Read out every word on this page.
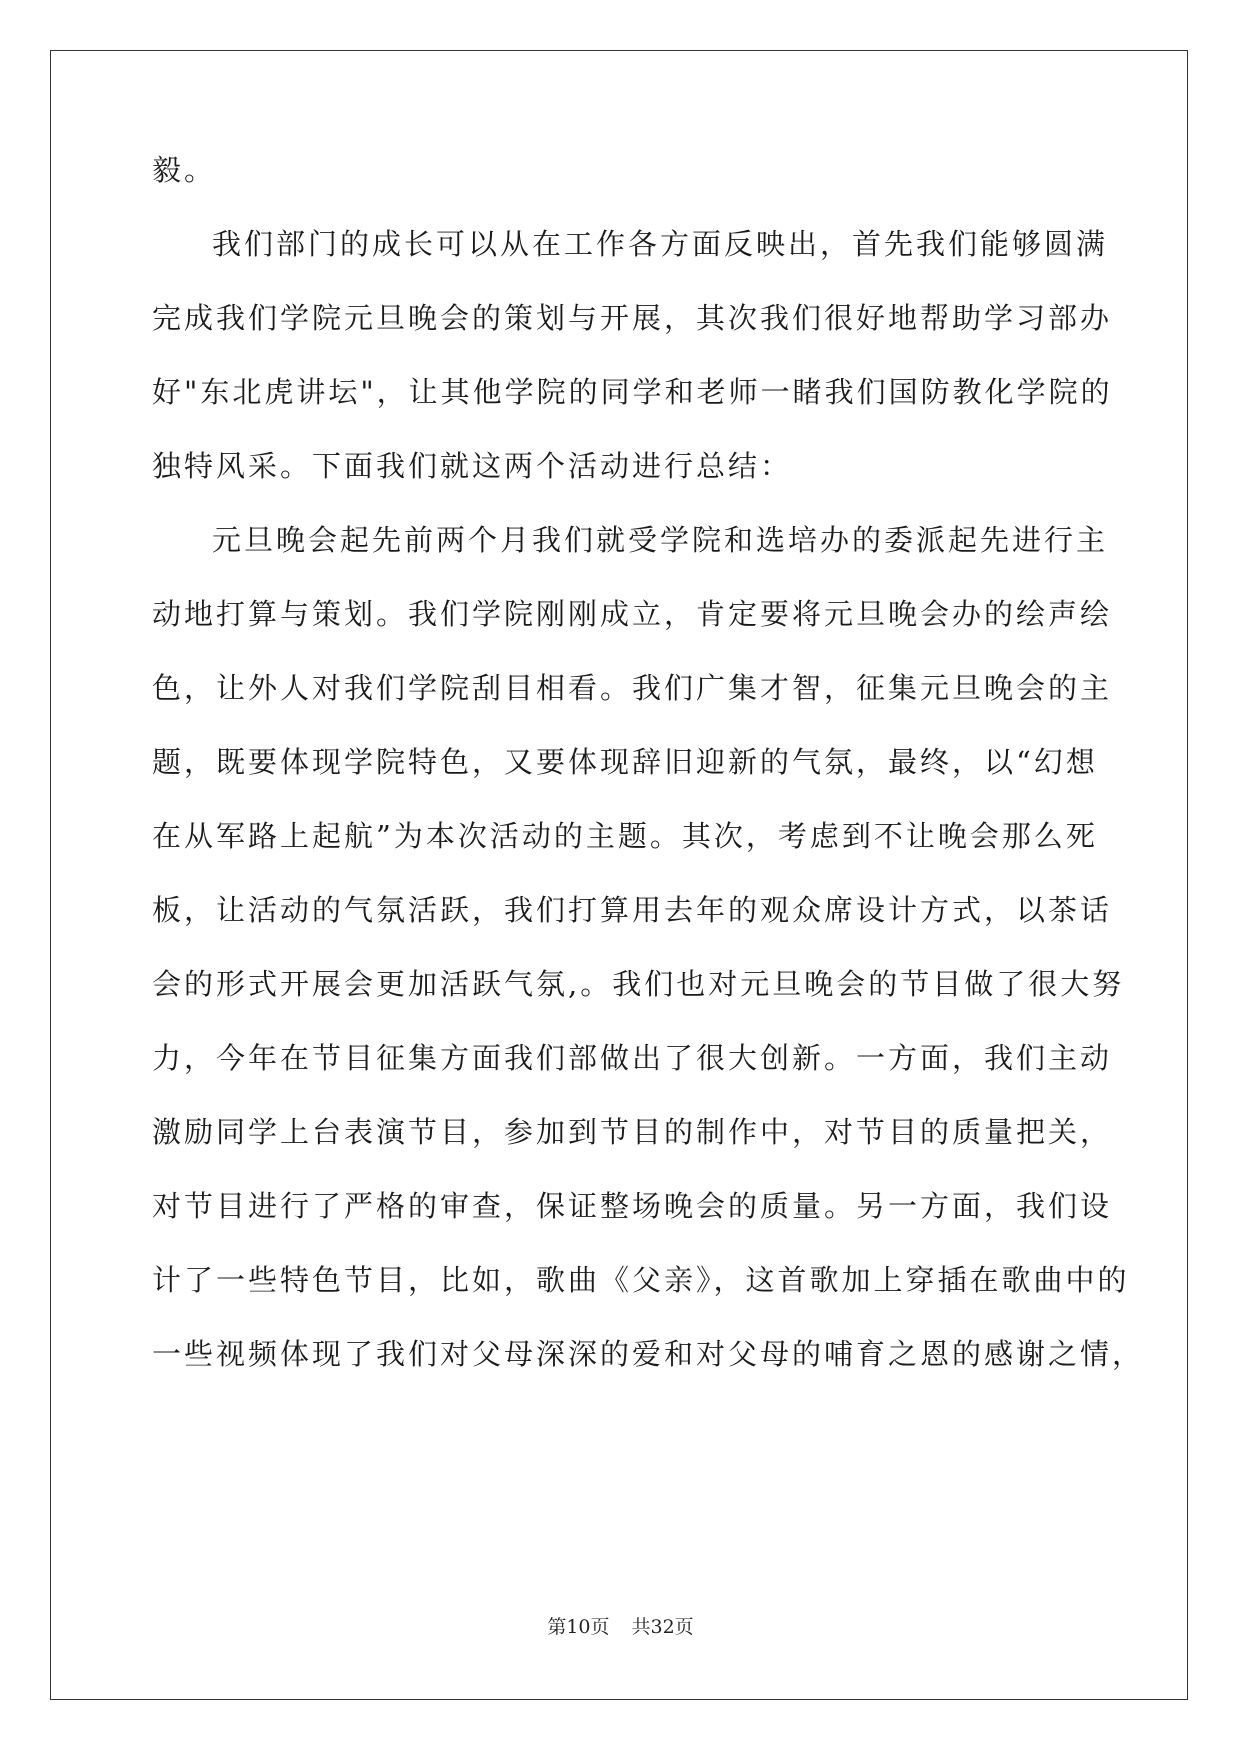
毅。
我们部门的成长可以从在工作各方面反映出，首先我们能够圆满
完成我们学院元旦晚会的策划与开展，其次我们很好地帮助学习部办
好"东北虎讲坛"，让其他学院的同学和老师一睹我们国防教化学院的
独特风采。下面我们就这两个活动进行总结：
元旦晚会起先前两个月我们就受学院和选培办的委派起先进行主
动地打算与策划。我们学院刚刚成立，肯定要将元旦晚会办的绘声绘
色，让外人对我们学院刮目相看。我们广集才智，征集元旦晚会的主
题，既要体现学院特色，又要体现辞旧迎新的气氛，最终，以“幻想
在从军路上起航”为本次活动的主题。其次，考虑到不让晚会那么死
板，让活动的气氛活跃，我们打算用去年的观众席设计方式，以茶话
会的形式开展会更加活跃气氛,。我们也对元旦晚会的节目做了很大努
力，今年在节目征集方面我们部做出了很大创新。一方面，我们主动
激励同学上台表演节目，参加到节目的制作中，对节目的质量把关，
对节目进行了严格的审查，保证整场晚会的质量。另一方面，我们设
计了一些特色节目，比如，歌曲《父亲》，这首歌加上穿插在歌曲中的
一些视频体现了我们对父母深深的爱和对父母的哺育之恩的感谢之情，
第10页 共32页
